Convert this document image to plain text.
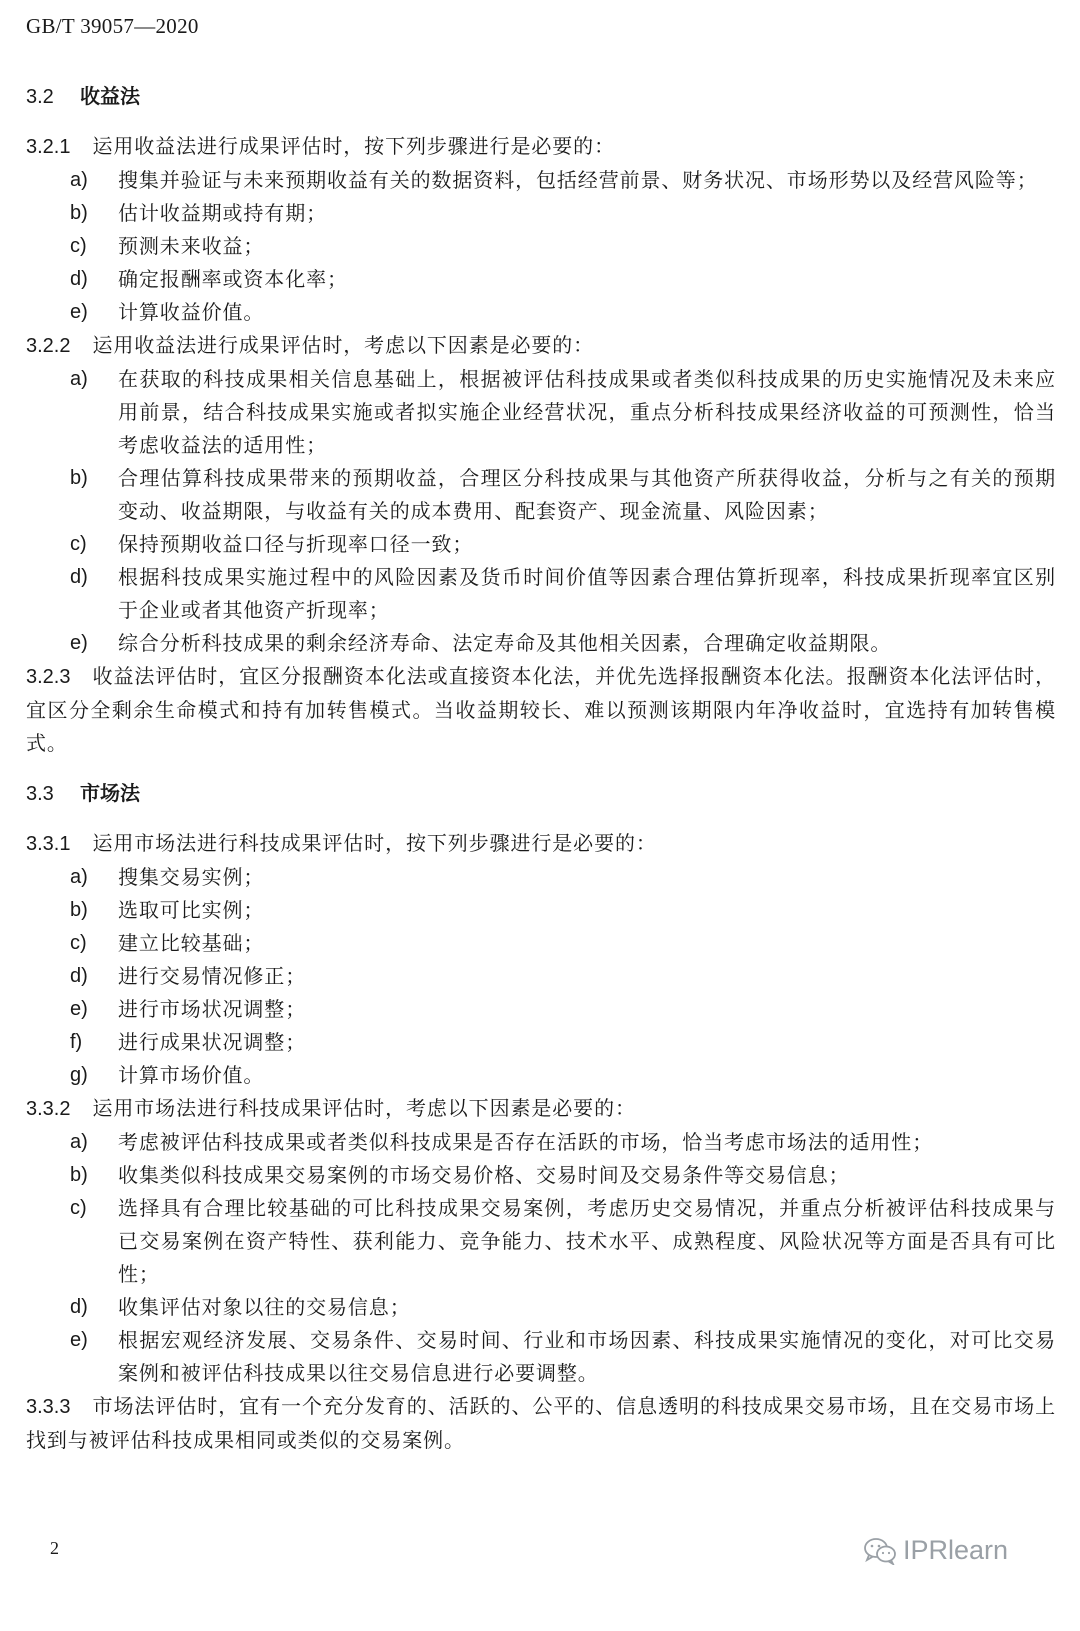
GB/T 39057—2020
3.2 收益法
3.2.1 运用收益法进行成果评估时，按下列步骤进行是必要的：
a) 搜集并验证与未来预期收益有关的数据资料，包括经营前景、财务状况、市场形势以及经营风险等；
b) 估计收益期或持有期；
c) 预测未来收益；
d) 确定报酬率或资本化率；
e) 计算收益价值。
3.2.2 运用收益法进行成果评估时，考虑以下因素是必要的：
a) 在获取的科技成果相关信息基础上，根据被评估科技成果或者类似科技成果的历史实施情况及未来应用前景，结合科技成果实施或者拟实施企业经营状况，重点分析科技成果经济收益的可预测性，恰当考虑收益法的适用性；
b) 合理估算科技成果带来的预期收益，合理区分科技成果与其他资产所获得收益，分析与之有关的预期变动、收益期限，与收益有关的成本费用、配套资产、现金流量、风险因素；
c) 保持预期收益口径与折现率口径一致；
d) 根据科技成果实施过程中的风险因素及货币时间价值等因素合理估算折现率，科技成果折现率宜区别于企业或者其他资产折现率；
e) 综合分析科技成果的剩余经济寿命、法定寿命及其他相关因素，合理确定收益期限。
3.2.3 收益法评估时，宜区分报酬资本化法或直接资本化法，并优先选择报酬资本化法。报酬资本化法评估时，宜区分全剩余生命模式和持有加转售模式。当收益期较长、难以预测该期限内年净收益时，宜选持有加转售模式。
3.3 市场法
3.3.1 运用市场法进行科技成果评估时，按下列步骤进行是必要的：
a) 搜集交易实例；
b) 选取可比实例；
c) 建立比较基础；
d) 进行交易情况修正；
e) 进行市场状况调整；
f) 进行成果状况调整；
g) 计算市场价值。
3.3.2 运用市场法进行科技成果评估时，考虑以下因素是必要的：
a) 考虑被评估科技成果或者类似科技成果是否存在活跃的市场，恰当考虑市场法的适用性；
b) 收集类似科技成果交易案例的市场交易价格、交易时间及交易条件等交易信息；
c) 选择具有合理比较基础的可比科技成果交易案例，考虑历史交易情况，并重点分析被评估科技成果与已交易案例在资产特性、获利能力、竞争能力、技术水平、成熟程度、风险状况等方面是否具有可比性；
d) 收集评估对象以往的交易信息；
e) 根据宏观经济发展、交易条件、交易时间、行业和市场因素、科技成果实施情况的变化，对可比交易案例和被评估科技成果以往交易信息进行必要调整。
3.3.3 市场法评估时，宜有一个充分发育的、活跃的、公平的、信息透明的科技成果交易市场，且在交易市场上找到与被评估科技成果相同或类似的交易案例。
2	IPRlearn
